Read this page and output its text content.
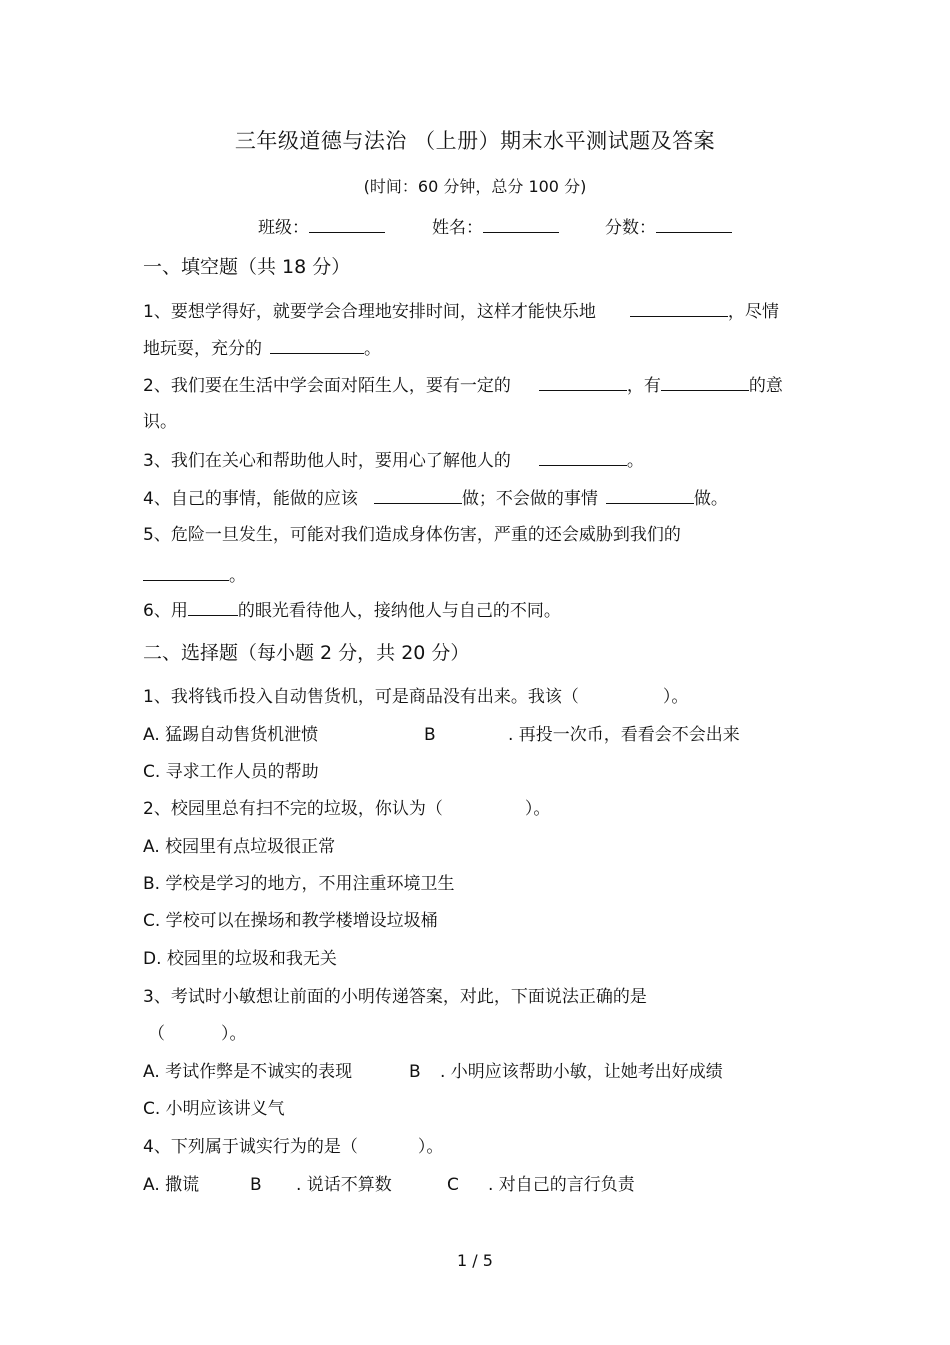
三年级道德与法治 （上册）期末水平测试题及答案
(时间：60 分钟，总分 100 分)
班级：	姓名：	分数：
一、填空题（共 18 分）
1、要想学得好，就要学会合理地安排时间，这样才能快乐地	，尽情
地玩耍，充分的	。
2、我们要在生活中学会面对陌生人，要有一定的	，有	的意
识。
3、我们在关心和帮助他人时，要用心了解他人的	。
4、自己的事情，能做的应该	做；不会做的事情	做。
5、危险一旦发生，可能对我们造成身体伤害，严重的还会威胁到我们的
。
6、用	的眼光看待他人，接纳他人与自己的不同。
二、选择题（每小题 2 分，共 20 分）
1、我将钱币投入自动售货机，可是商品没有出来。我该（	）。
A. 猛踢自动售货机泄愤	B	. 再投一次币，看看会不会出来
C. 寻求工作人员的帮助
2、校园里总有扫不完的垃圾，你认为（	）。
A. 校园里有点垃圾很正常
B. 学校是学习的地方，不用注重环境卫生
C. 学校可以在操场和教学楼增设垃圾桶
D. 校园里的垃圾和我无关
3、考试时小敏想让前面的小明传递答案，对此，下面说法正确的是
（	）。
A. 考试作弊是不诚实的表现	B . 小明应该帮助小敏，让她考出好成绩
C. 小明应该讲义气
4、下列属于诚实行为的是（	）。
A. 撒谎	B . 说话不算数	C . 对自己的言行负责
1 / 5
